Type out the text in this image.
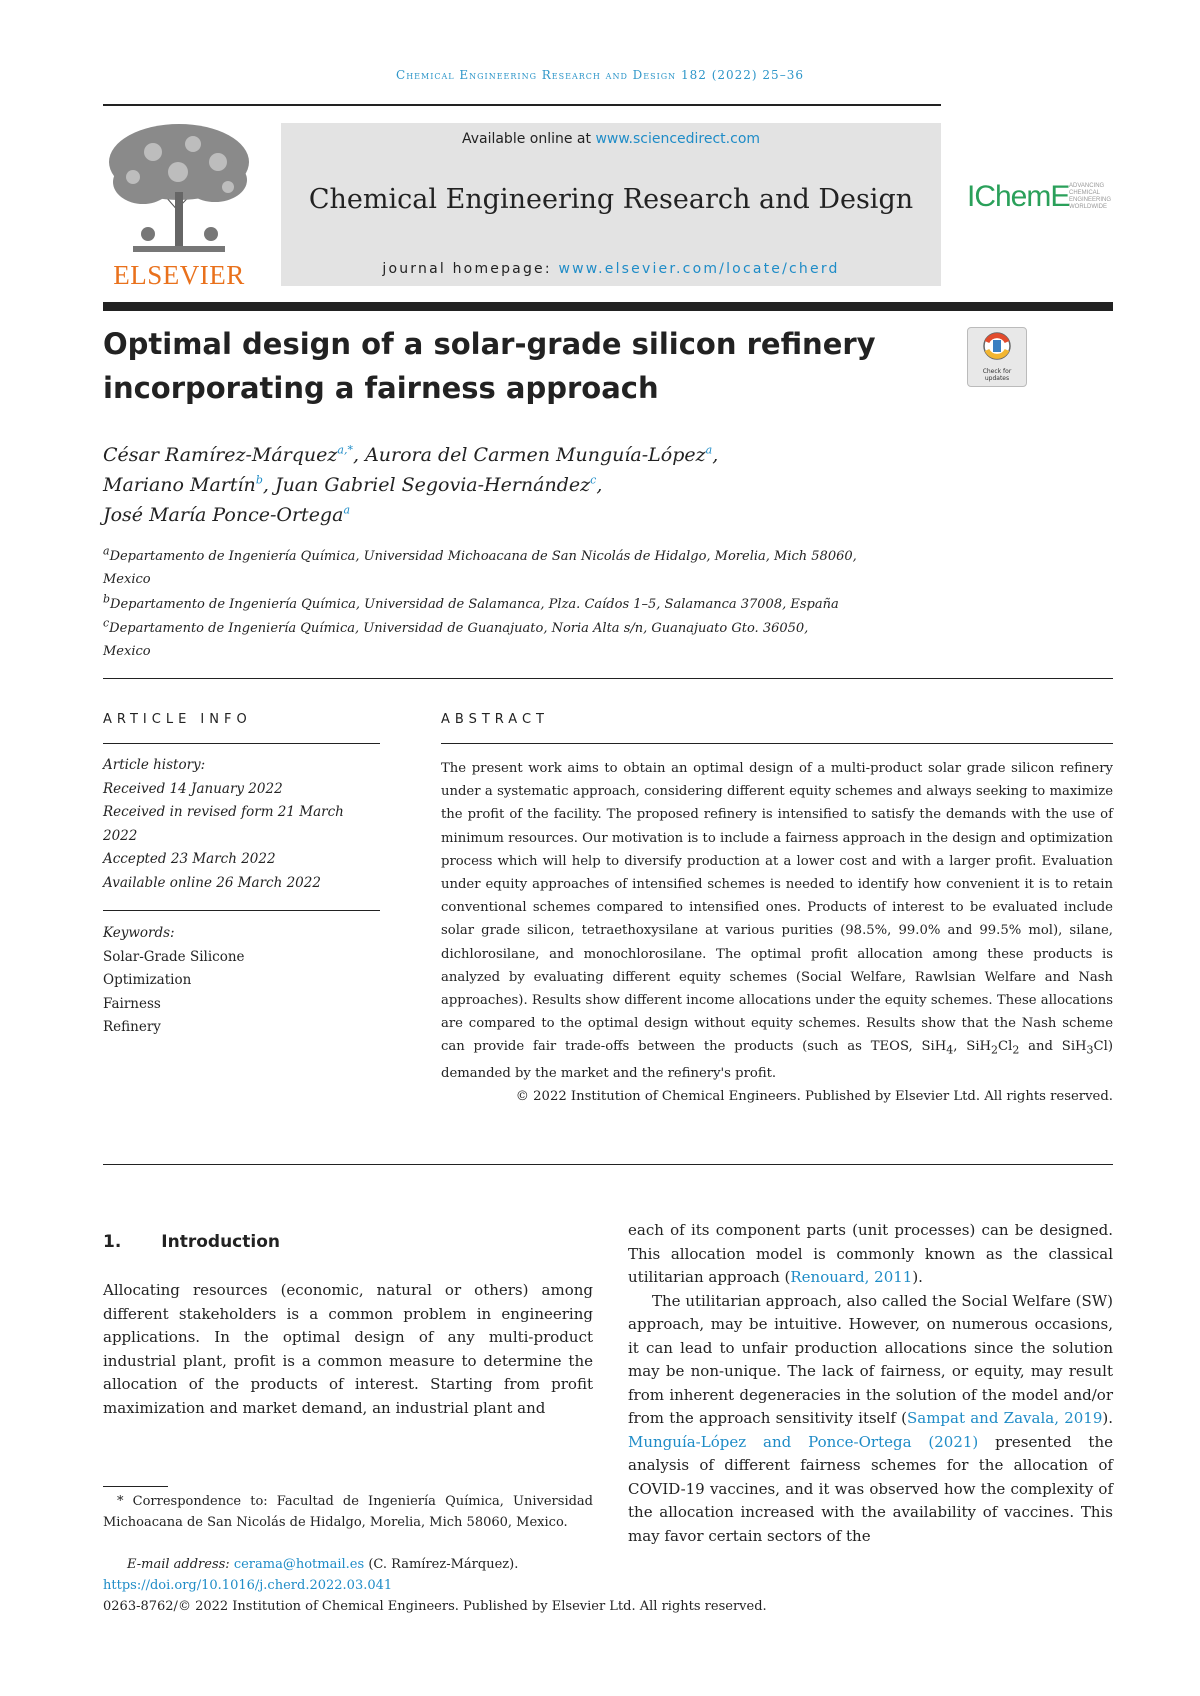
Chemical Engineering Research and Design 182 (2022) 25–36
ELSEVIER
Available online at www.sciencedirect.com
Chemical Engineering Research and Design
journal homepage: www.elsevier.com/locate/cherd
IChemE ADVANCING
CHEMICAL
ENGINEERING
WORLDWIDE
Optimal design of a solar-grade silicon refinery
incorporating a fairness approach	Check for updates
César Ramírez-Márquez$^{a,*}$, Aurora del Carmen Munguía-López$^a$,
Mariano Martín$^b$, Juan Gabriel Segovia-Hernández$^c$,
José María Ponce-Ortega$^a$
$^a$Departamento de Ingeniería Química, Universidad Michoacana de San Nicolás de Hidalgo, Morelia, Mich 58060,
Mexico
$^b$Departamento de Ingeniería Química, Universidad de Salamanca, Plza. Caídos 1–5, Salamanca 37008, España
$^c$Departamento de Ingeniería Química, Universidad de Guanajuato, Noria Alta s/n, Guanajuato Gto. 36050,
Mexico
ARTICLE INFO
Article history:
Received 14 January 2022
Received in revised form 21 March
2022
Accepted 23 March 2022
Available online 26 March 2022
Keywords:
Solar-Grade Silicone
Optimization
Fairness
Refinery
ABSTRACT

The present work aims to obtain an optimal design of a multi-product solar grade silicon refinery under a systematic approach, considering different equity schemes and always seeking to maximize the profit of the facility. The proposed refinery is intensified to satisfy the demands with the use of minimum resources. Our motivation is to include a fairness approach in the design and optimization process which will help to diversify production at a lower cost and with a larger profit. Evaluation under equity approaches of intensified schemes is needed to identify how convenient it is to retain conventional schemes compared to intensified ones. Products of interest to be evaluated include solar grade silicon, tetraethoxysilane at various purities (98.5%, 99.0% and 99.5% mol), silane, dichlorosilane, and monochlorosilane. The optimal profit allocation among these products is analyzed by evaluating different equity schemes (Social Welfare, Rawlsian Welfare and Nash approaches). Results show different income allocations under the equity schemes. These allocations are compared to the optimal design without equity schemes. Results show that the Nash scheme can provide fair trade-offs between the products (such as TEOS, SiH$_4$, $SiH_2Cl_2$ and SiH$_3$Cl) demanded by the market and the refinery's profit.

© 2022 Institution of Chemical Engineers. Published by Elsevier Ltd. All rights reserved.

1. Introduction

Allocating resources (economic, natural or others) among different stakeholders is a common problem in engineering applications. In the optimal design of any multi-product industrial plant, profit is a common measure to determine the allocation of the products of interest. Starting from profit maximization and market demand, an industrial plant and

each of its component parts (unit processes) can be designed. This allocation model is commonly known as the classical utilitarian approach (Renouard, 2011).

The utilitarian approach, also called the Social Welfare (SW) approach, may be intuitive. However, on numerous occasions, it can lead to unfair production allocations since the solution may be non-unique. The lack of fairness, or equity, may result from inherent degeneracies in the solution of the model and/or from the approach sensitivity itself (Sampat and Zavala, 2019). Munguía-López and Ponce-Ortega (2021) presented the analysis of different fairness schemes for the allocation of COVID-19 vaccines, and it was observed how the complexity of the allocation increased with the availability of vaccines. This may favor certain sectors of the

* Correspondence to: Facultad de Ingeniería Química, Universidad Michoacana de San Nicolás de Hidalgo, Morelia, Mich 58060, Mexico.
E-mail address: cerama@hotmail.es (C. Ramírez-Márquez).
https://doi.org/10.1016/j.cherd.2022.03.041
0263-8762/© 2022 Institution of Chemical Engineers. Published by Elsevier Ltd. All rights reserved.
